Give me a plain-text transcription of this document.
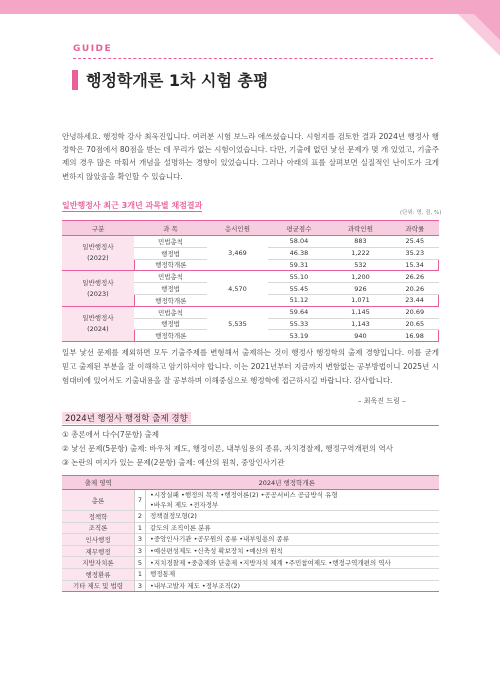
GUIDE
행정학개론 1차 시험 총평
안녕하세요. 행정학 강사 최욱진입니다. 여러분 시험 보느라 애쓰셨습니다. 시험지를 검토한 결과 2024년 행정사 행정학은 70점에서 80점을 받는 데 무리가 없는 시험이었습니다. 다만, 기출에 없던 낯선 문제가 몇 개 있었고, 기출주제의 경우 많은 마훠서 개념을 설명하는 경향이 있었습니다. 그러나 아래의 표를 살펴보면 실질적인 난이도가 크게 변하지 않았음을 확인할 수 있습니다.
일반행정사 최근 3개년 과목별 채점결과
(단위: 명, 점, %)
구분	과 목	응시인원	평균점수	과락인원	과락률
일반행정사
(2022)	민법총칙	3,469	58.04	883	25.45
	행정법		46.38	1,222	35.23
	행정학개론		59.31	532	15.34
일반행정사
(2023)	민법총칙	4,570	55.10	1,200	26.26
	행정법		55.45	926	20.26
	행정학개론		51.12	1,071	23.44
일반행정사
(2024)	민법총칙	5,535	59.64	1,145	20.69
	행정법		55.33	1,143	20.65
	행정학개론		53.19	940	16.98
일부 낯선 문제를 제외하면 모두 기출주제를 변형해서 출제하는 것이 행정사 행정학의 출제 경향입니다. 이를 굳게 믿고 출제된 부분을 잘 이해하고 암기하셔야 합니다. 이는 2021년부터 지금까지 변함없는 공부방법이니 2025년 시험대비에 있어서도 기출내용을 잘 공부하며 이해중심으로 행정학에 접근하시길 바랍니다. 감사합니다.
– 최욱진 드림 –
2024년 행정사 행정학 출제 경향
① 총론에서 다수(7문항) 출제
② 낯선 문제(5문항) 출제: 바우처 제도, 행정이론, 내부임용의 종류, 자치경찰제, 행정구역개편의 역사
③ 논란의 여지가 있는 문제(2문항) 출제: 예산의 원칙, 중앙인사기관
출제 영역	2024년 행정학개론	
총론	7	•시장실패 •행정의 목적 •행정이론(2) •공공서비스 공급방식 유형
•바우처 제도 •전자정부

정책학	2	정책결정모형(2)

조직론	1	같도의 조직이론 분류

인사행정	3	•중앙인사기관 •공무원의 종류 •내부임용의 종류

재무행정	3	•예산편성제도 •신축성 확보장치 •예산의 원칙

지방자치론	5	•지치경찰제 •중층제와 단층제 •지방자치 체계 •주민참여제도 •행정구역개편의 역사

행정환류	1	행정통제

기타 제도 및 법령	3	•내부고발자 제도 •정부조직(2)
